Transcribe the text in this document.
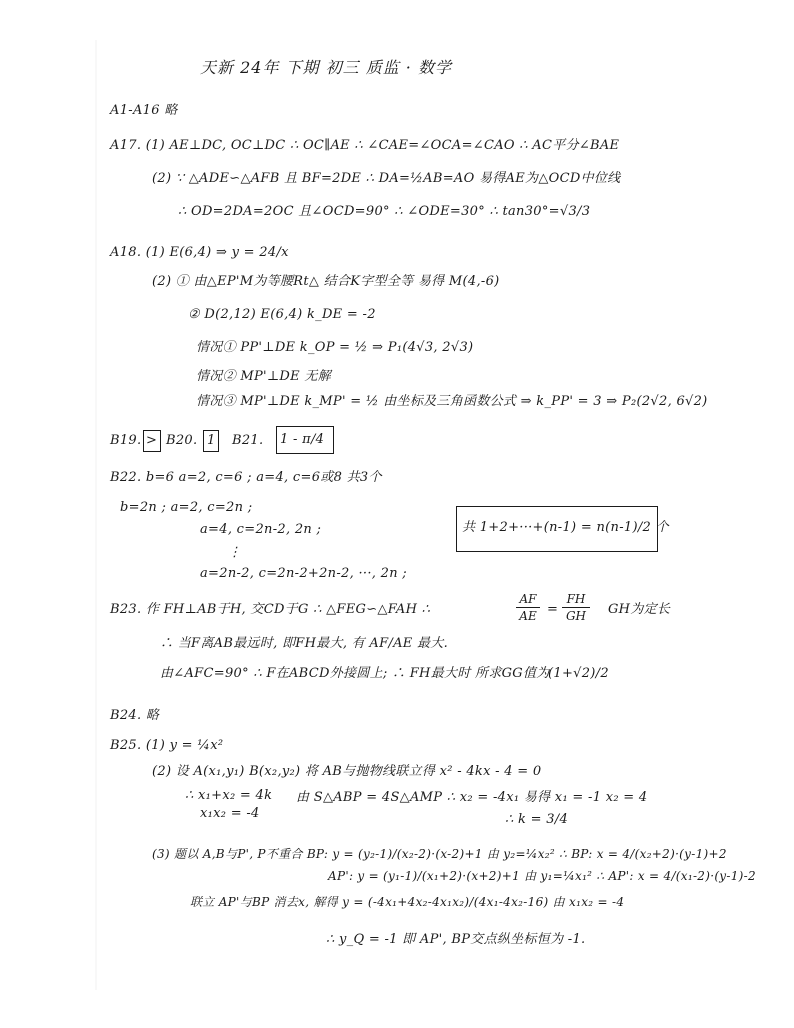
天新 24年 下期 初三 质监 · 数学
A1-A16 略
A17. (1) AE⊥DC, OC⊥DC ∴ OC∥AE ∴ ∠CAE=∠OCA=∠CAO ∴ AC平分∠BAE
(2) ∵ △ADE∽△AFB 且 BF=2DE ∴ DA=½AB=AO 易得AE为△OCD中位线
∴ OD=2DA=2OC 且∠OCD=90° ∴ ∠ODE=30° ∴ tan30°=√3/3
A18. (1) E(6,4) ⇒ y = 24/x
(2) ① 由△EP'M为等腰Rt△ 结合K字型全等 易得 M(4,-6)
② D(2,12) E(6,4) k_DE = -2
情况① PP'⊥DE k_OP = ½ ⇒ P₁(4√3, 2√3)
情况② MP'⊥DE 无解
情况③ MP'⊥DE k_MP' = ½ 由坐标及三角函数公式 ⇒ k_PP' = 3 ⇒ P₂(2√2, 6√2)
B19. > B20. 1 B21. 1 - π/4
B22. b=6 a=2, c=6 ; a=4, c=6或8 共3个
b=2n ; a=2, c=2n ;
a=4, c=2n-2, 2n ;
⋮
a=2n-2, c=2n-2+2n-2, ···, 2n ;
共 1+2+···+(n-1) = n(n-1)/2 个
B23. 作 FH⊥AB于H, 交CD于G ∴ △FEG∽△FAH ∴
AF
AE =
FH
GH	GH为定长
∴ 当F离AB最远时, 即FH最大, 有 AF/AE 最大.
由∠AFC=90° ∴ F在ABCD外接圆上; ∴ FH最大时 所求GG值为
(1+√2)/2
B24. 略
B25. (1) y = ¼x²
(2) 设 A(x₁,y₁) B(x₂,y₂) 将 AB与抛物线联立得 x² - 4kx - 4 = 0
∴ x₁+x₂ = 4k
x₁x₂ = -4
由 S△ABP = 4S△AMP ∴ x₂ = -4x₁ 易得 x₁ = -1 x₂ = 4
∴ k = 3/4
(3) 题以 A,B与P', P不重合 BP: y = (y₂-1)/(x₂-2)·(x-2)+1 由 y₂=¼x₂² ∴ BP: x = 4/(x₂+2)·(y-1)+2
AP': y = (y₁-1)/(x₁+2)·(x+2)+1 由 y₁=¼x₁² ∴ AP': x = 4/(x₁-2)·(y-1)-2
联立 AP'与BP 消去x, 解得 y = (-4x₁+4x₂-4x₁x₂)/(4x₁-4x₂-16) 由 x₁x₂ = -4
∴ y_Q = -1 即 AP', BP交点纵坐标恒为 -1.
